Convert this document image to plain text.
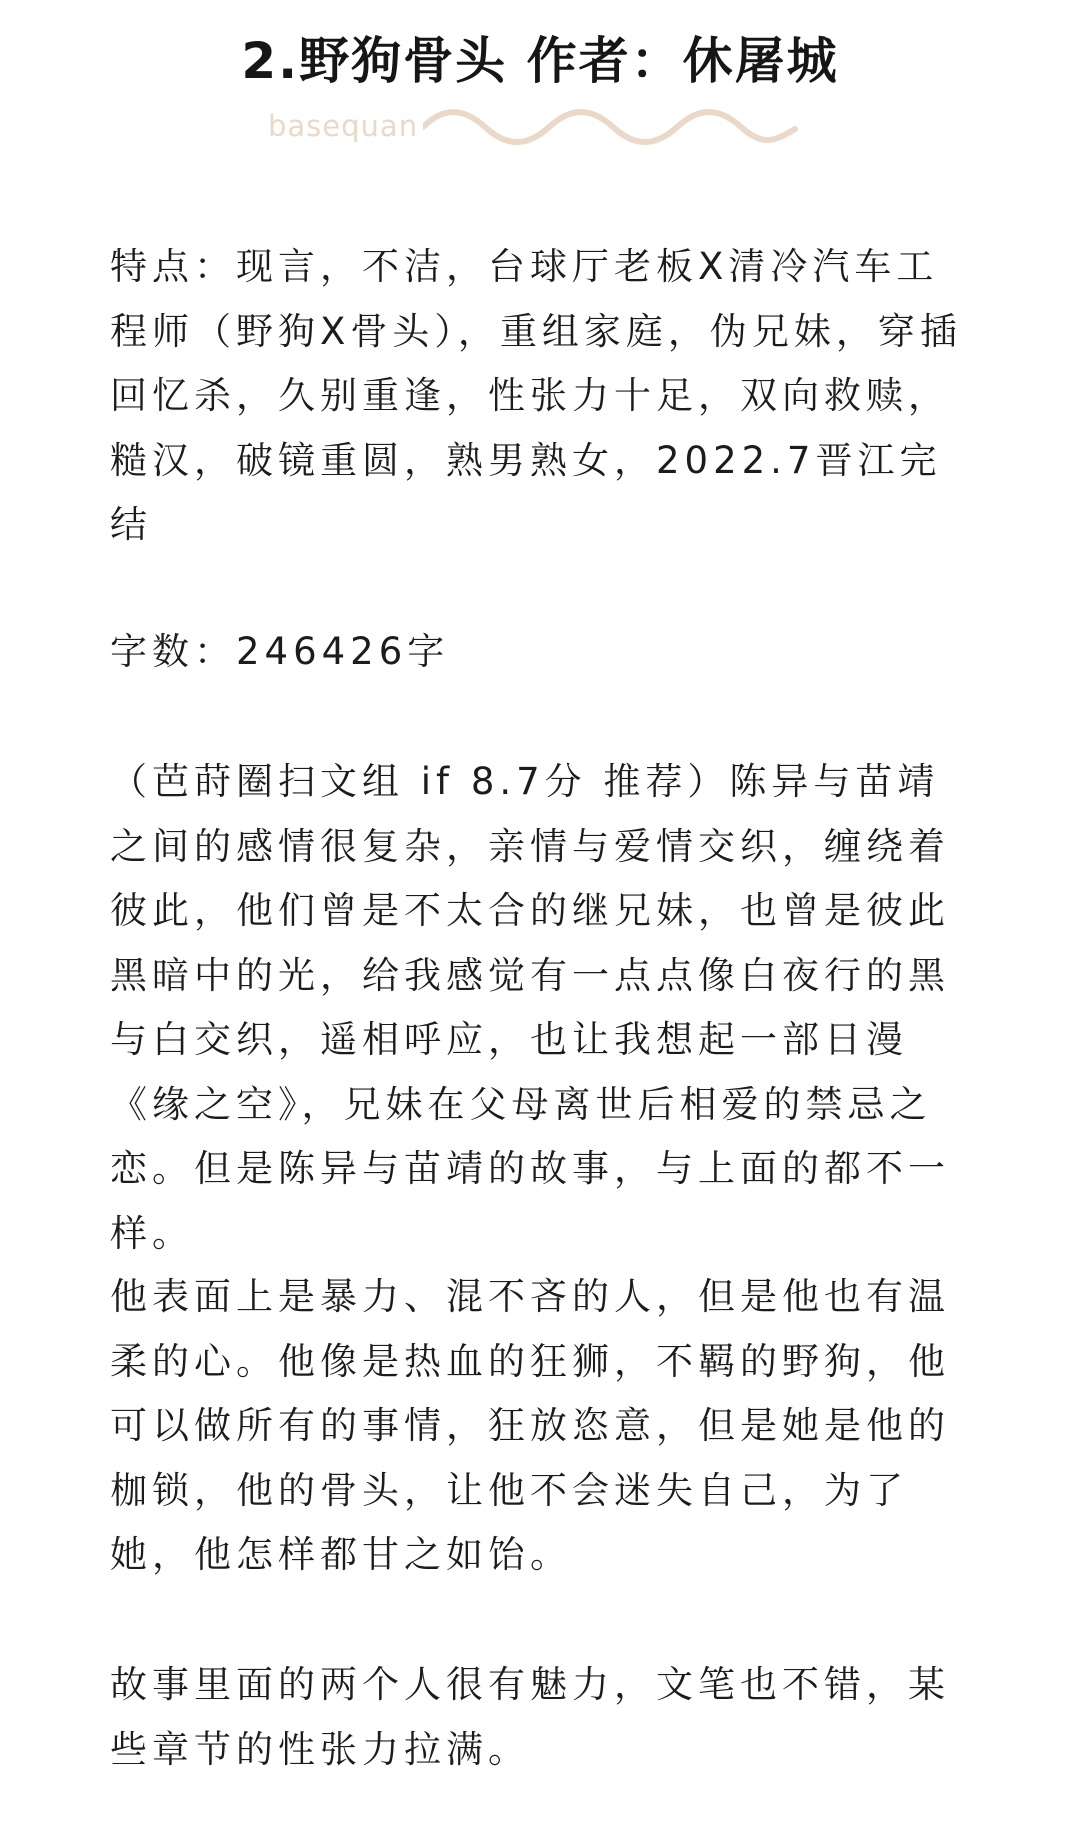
2.野狗骨头 作者：休屠城
basequan

特点：现言，不洁，台球厅老板X清冷汽车工程师（野狗X骨头），重组家庭，伪兄妹，穿插回忆杀，久别重逢，性张力十足，双向救赎，糙汉，破镜重圆，熟男熟女，2022.7晋江完结

字数：246426字

（芭莳圈扫文组 if 8.7分 推荐）陈异与苗靖之间的感情很复杂，亲情与爱情交织，缠绕着彼此，他们曾是不太合的继兄妹，也曾是彼此黑暗中的光，给我感觉有一点点像白夜行的黑与白交织，遥相呼应，也让我想起一部日漫《缘之空》，兄妹在父母离世后相爱的禁忌之恋。但是陈异与苗靖的故事，与上面的都不一样。

他表面上是暴力、混不吝的人，但是他也有温柔的心。他像是热血的狂狮，不羁的野狗，他可以做所有的事情，狂放恣意，但是她是他的枷锁，他的骨头，让他不会迷失自己，为了她，他怎样都甘之如饴。

故事里面的两个人很有魅力，文笔也不错，某些章节的性张力拉满。
